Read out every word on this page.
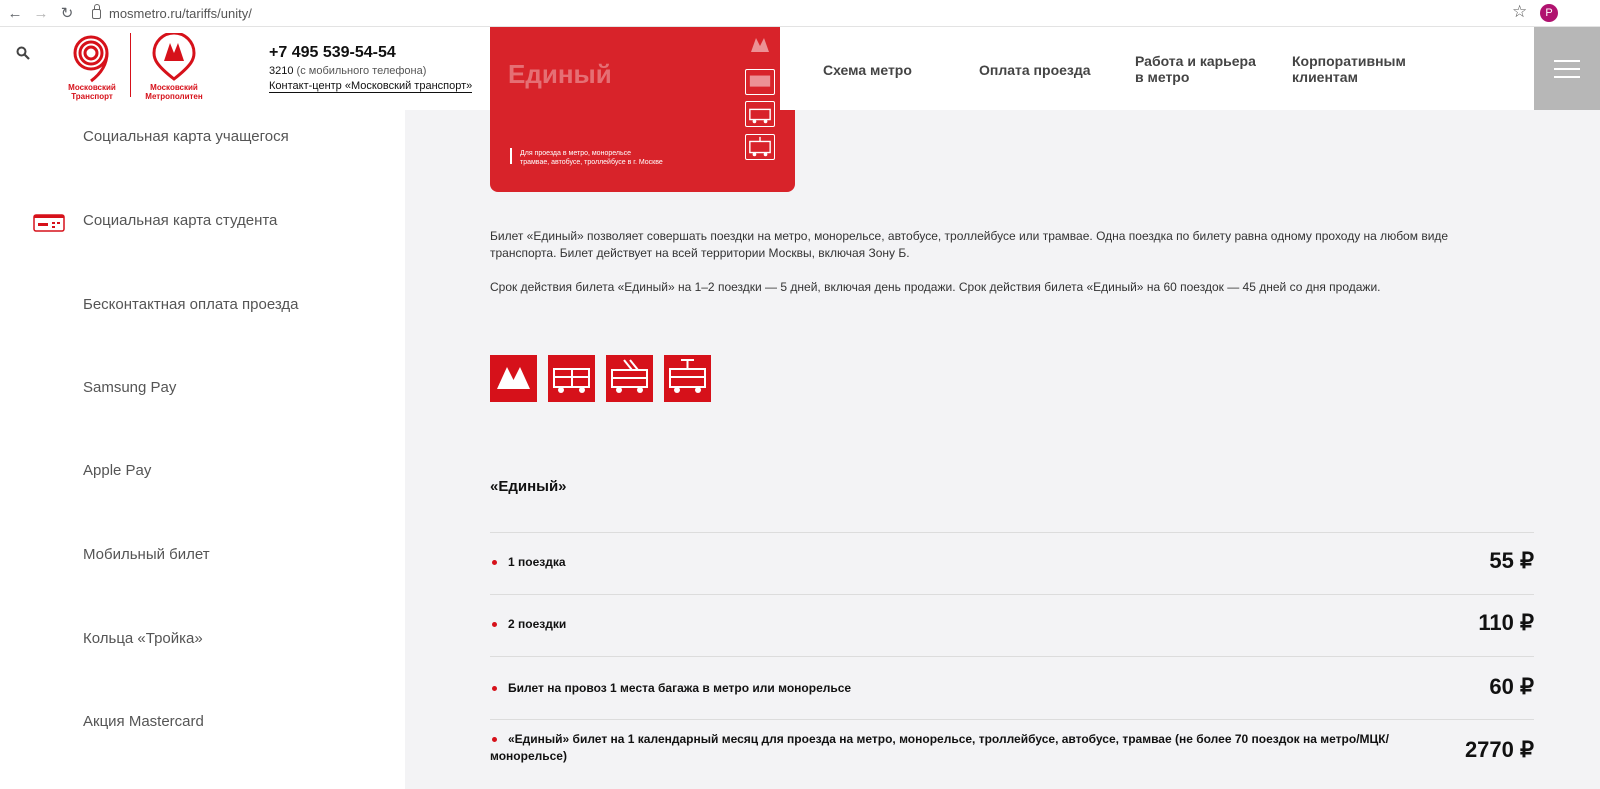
← → ↻	mosmetro.ru/tariffs/unity/	☆	P
Социальная карта учащегося
Социальная карта студента
Бесконтактная оплата проезда
Samsung Pay
Apple Pay
Мобильный билет
Кольца «Тройка»
Акция Mastercard
Единый
Для проезда в метро, монорельсе
трамвае, автобусе, троллейбусе в г. Москве
Московский
Транспорт
Московский
Метрополитен
+7 495 539-54-54
3210 (с мобильного телефона)
Контакт-центр «Московский транспорт»
Схема метро	Оплата проезда
Работа и карьера
в метро
Корпоративным
клиентам
Билет «Единый» позволяет совершать поездки на метро, монорельсе, автобусе, троллейбусе или трамвае. Одна поездка по билету равна одному проходу на любом виде транспорта. Билет действует на всей территории Москвы, включая Зону Б.
Срок действия билета «Единый» на 1–2 поездки — 5 дней, включая день продажи. Срок действия билета «Единый» на 60 поездок — 45 дней со дня продажи.
«Единый»
1 поездка	55 ₽
2 поездки	110 ₽
Билет на провоз 1 места багажа в метро или монорельсе	60 ₽
«Единый» билет на 1 календарный месяц для проезда на метро, монорельсе, троллейбусе, автобусе, трамвае (не более 70 поездок на метро/МЦК/монорельсе)	2770 ₽
